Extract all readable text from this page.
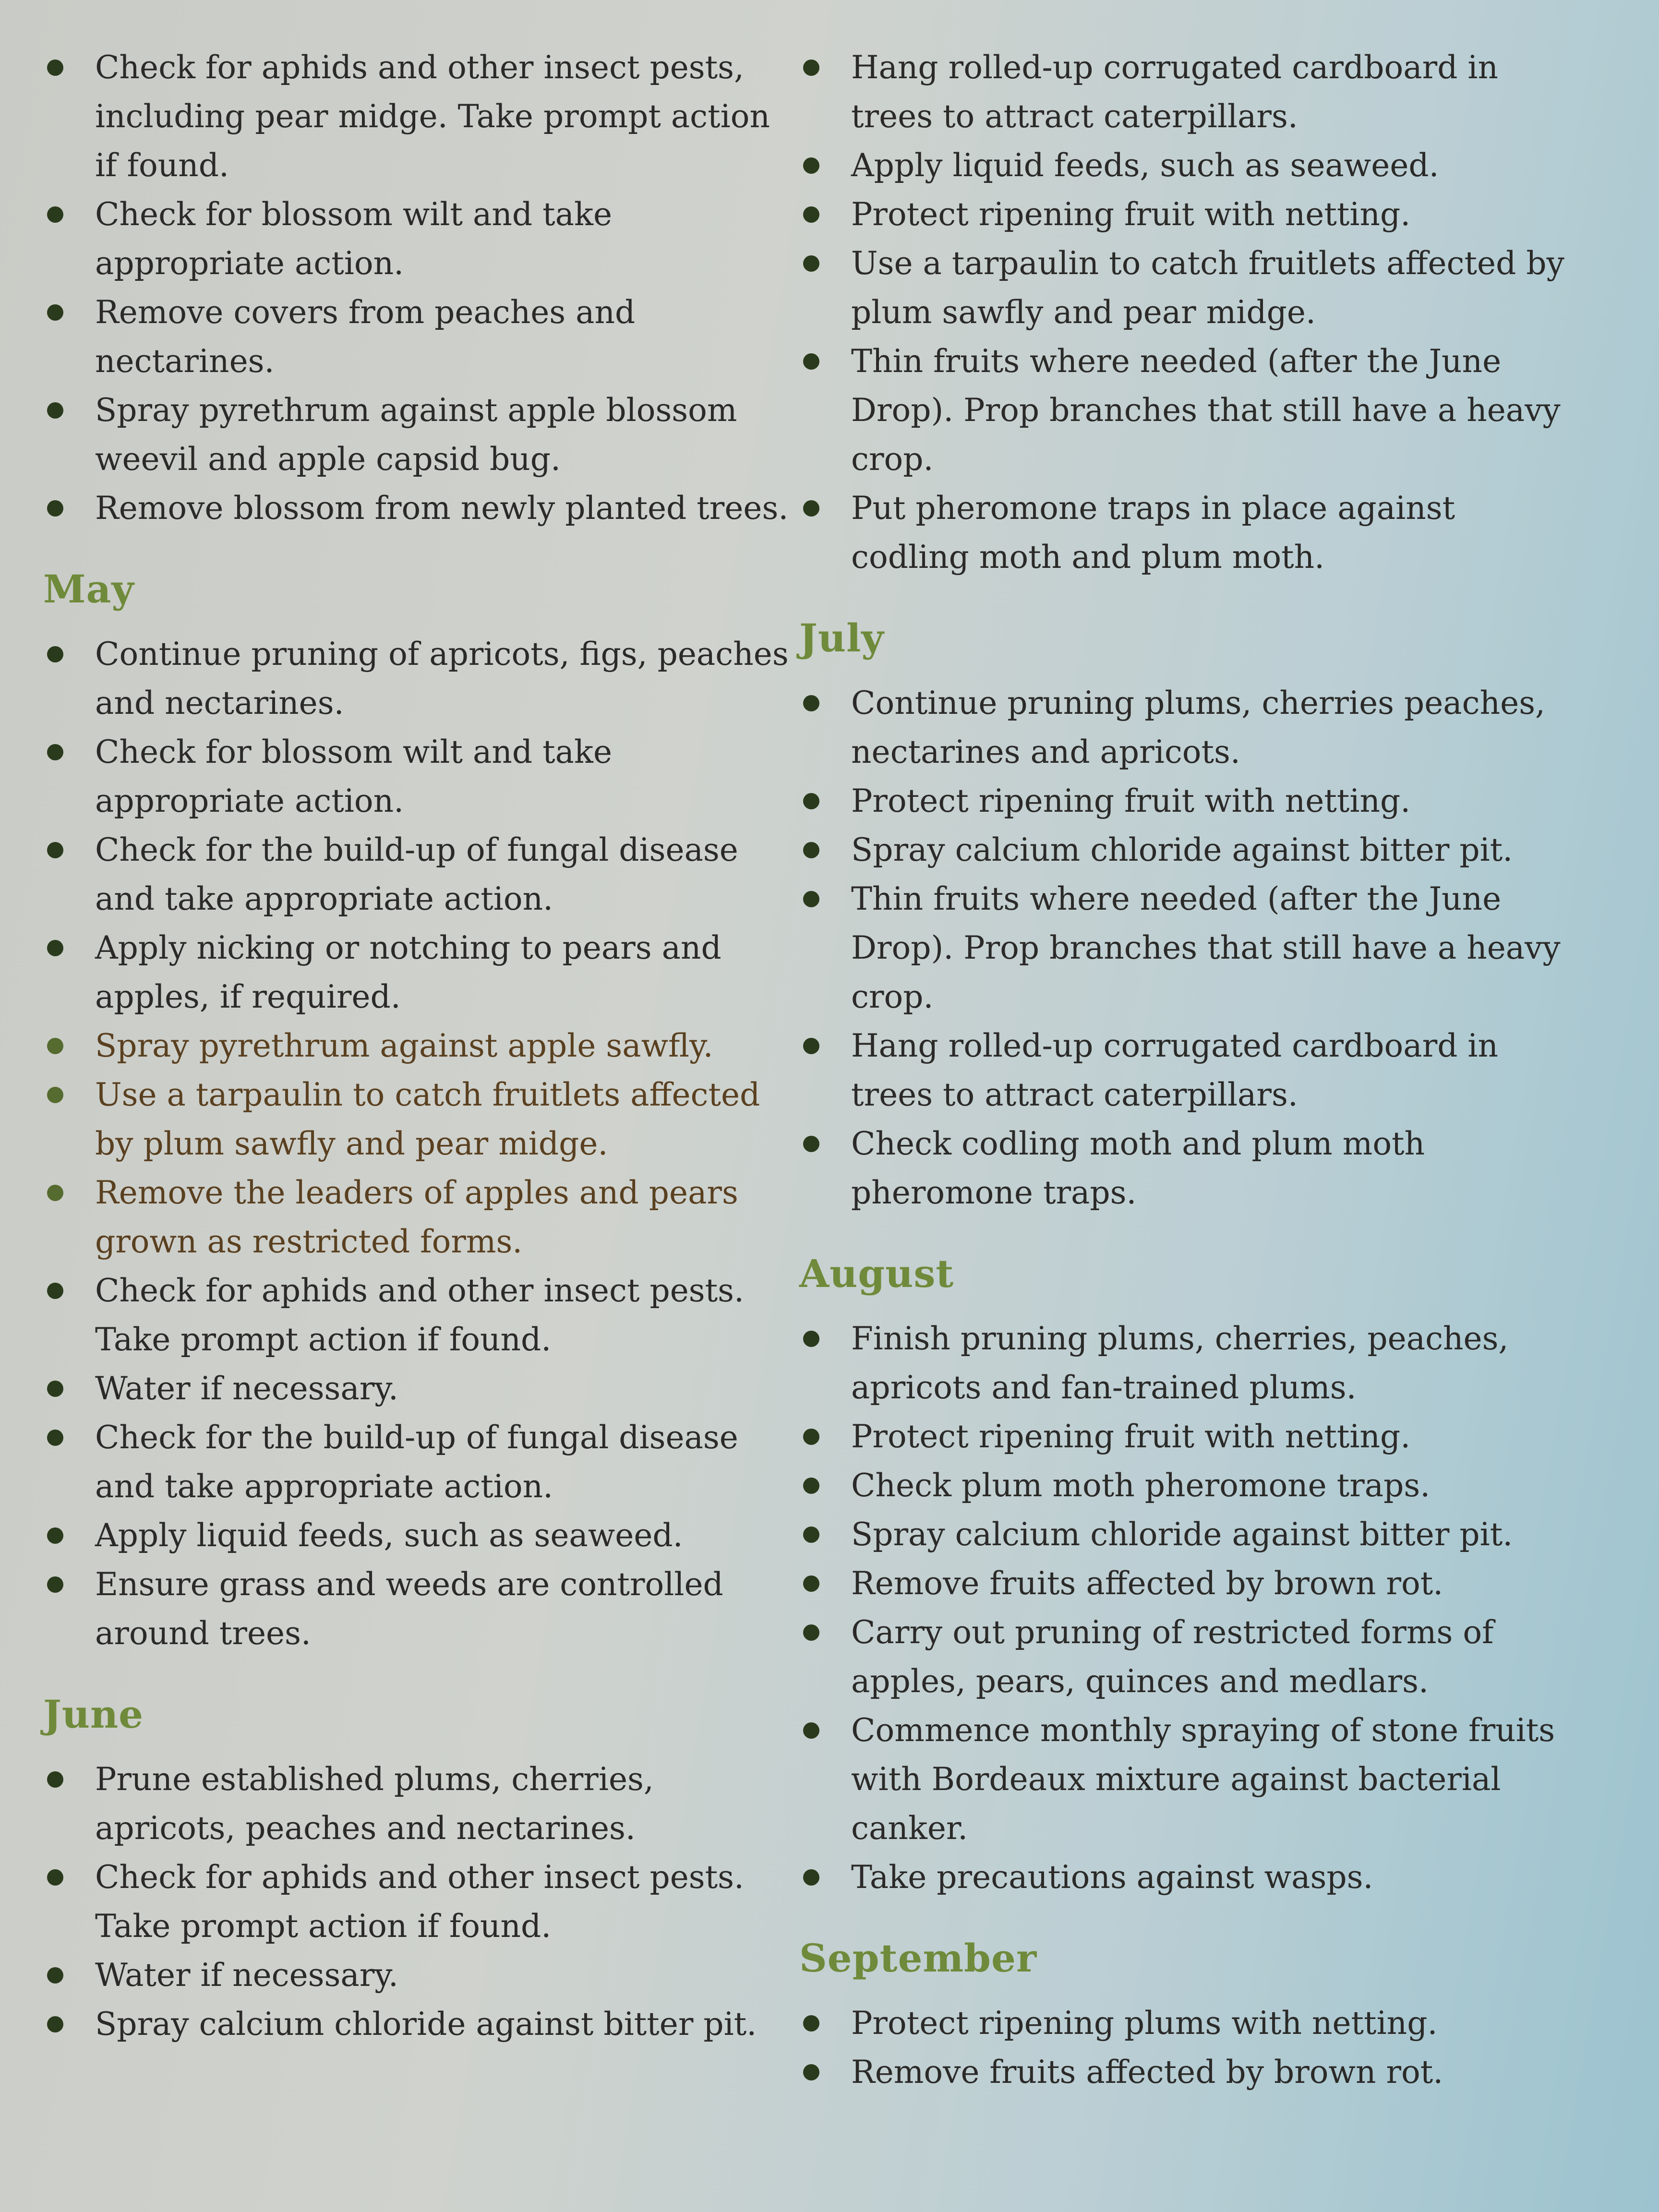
Check for aphids and other insect pests, including pear midge. Take prompt action if found.
Check for blossom wilt and take appropriate action.
Remove covers from peaches and nectarines.
Spray pyrethrum against apple blossom weevil and apple capsid bug.
Remove blossom from newly planted trees.
May
Continue pruning of apricots, figs, peaches and nectarines.
Check for blossom wilt and take appropriate action.
Check for the build-up of fungal disease and take appropriate action.
Apply nicking or notching to pears and apples, if required.
Spray pyrethrum against apple sawfly.
Use a tarpaulin to catch fruitlets affected by plum sawfly and pear midge.
Remove the leaders of apples and pears grown as restricted forms.
Check for aphids and other insect pests. Take prompt action if found.
Water if necessary.
Check for the build-up of fungal disease and take appropriate action.
Apply liquid feeds, such as seaweed.
Ensure grass and weeds are controlled around trees.
June
Prune established plums, cherries, apricots, peaches and nectarines.
Check for aphids and other insect pests. Take prompt action if found.
Water if necessary.
Spray calcium chloride against bitter pit.
Hang rolled-up corrugated cardboard in trees to attract caterpillars.
Apply liquid feeds, such as seaweed.
Protect ripening fruit with netting.
Use a tarpaulin to catch fruitlets affected by plum sawfly and pear midge.
Thin fruits where needed (after the June Drop). Prop branches that still have a heavy crop.
Put pheromone traps in place against codling moth and plum moth.
July
Continue pruning plums, cherries peaches, nectarines and apricots.
Protect ripening fruit with netting.
Spray calcium chloride against bitter pit.
Thin fruits where needed (after the June Drop). Prop branches that still have a heavy crop.
Hang rolled-up corrugated cardboard in trees to attract caterpillars.
Check codling moth and plum moth pheromone traps.
August
Finish pruning plums, cherries, peaches, apricots and fan-trained plums.
Protect ripening fruit with netting.
Check plum moth pheromone traps.
Spray calcium chloride against bitter pit.
Remove fruits affected by brown rot.
Carry out pruning of restricted forms of apples, pears, quinces and medlars.
Commence monthly spraying of stone fruits with Bordeaux mixture against bacterial canker.
Take precautions against wasps.
September
Protect ripening plums with netting.
Remove fruits affected by brown rot.
